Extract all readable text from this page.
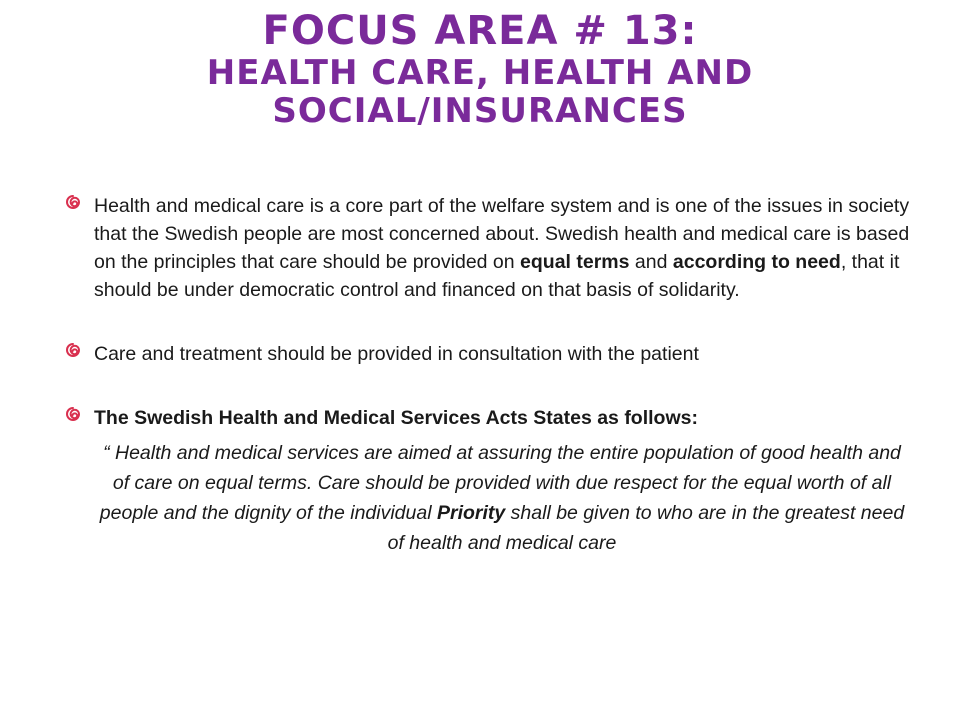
FOCUS AREA # 13:
HEALTH CARE, HEALTH AND SOCIAL/INSURANCES
Health and medical care is a core part of the welfare system and is one of the issues in society that the Swedish people are most concerned about. Swedish health and medical care is based on the principles that care should be provided on equal terms and according to need, that it should be under democratic control and financed on that basis of solidarity.
Care and treatment should be provided in consultation with the patient
The Swedish Health and Medical Services Acts States as follows:
“ Health and medical services are aimed at assuring the entire population of good health and of care on equal terms. Care should be provided with due respect for the equal worth of all people and the dignity of the individual Priority shall be given to who are in the greatest need of health and medical care
